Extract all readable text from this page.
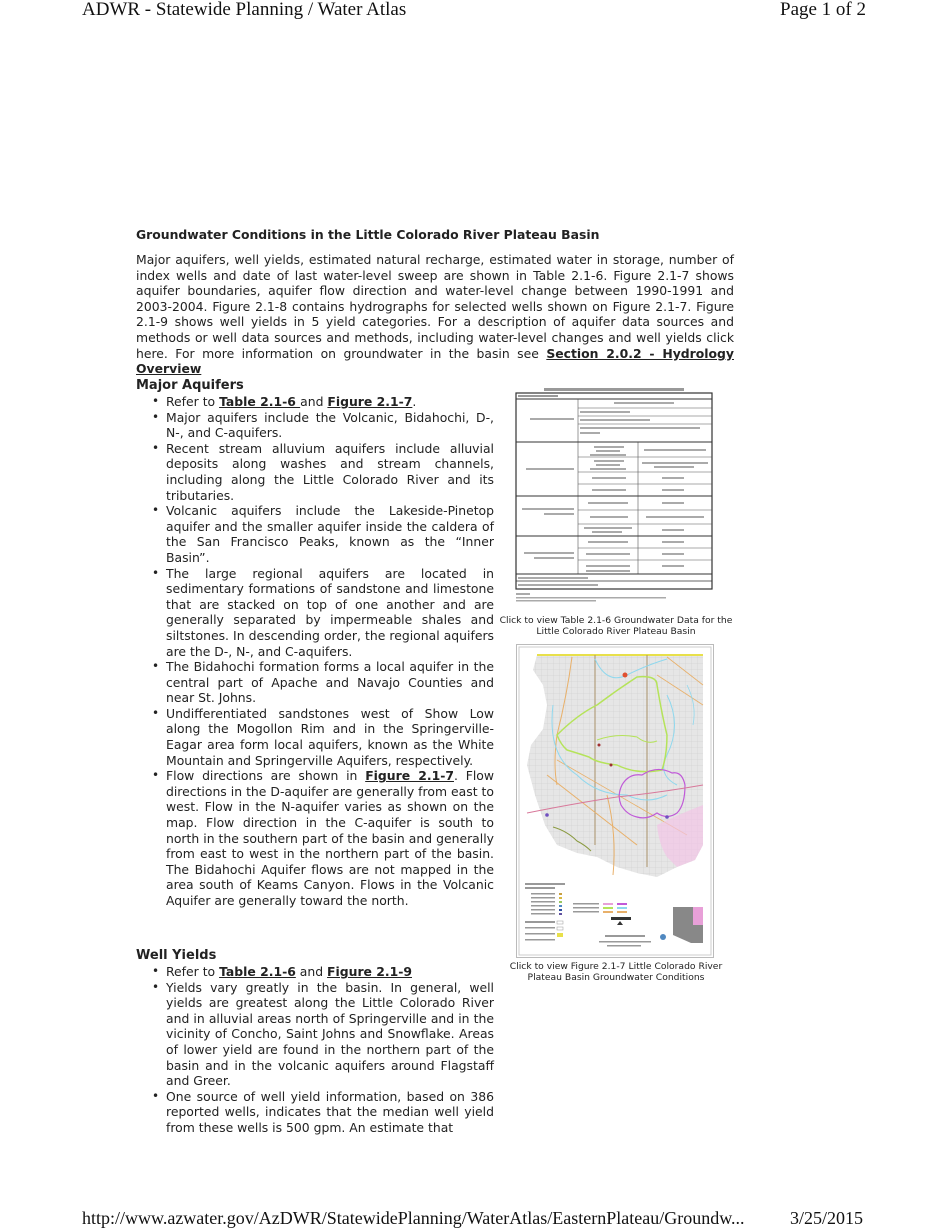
ADWR - Statewide Planning / Water Atlas	Page 1 of 2
Groundwater Conditions in the Little Colorado River Plateau Basin

Major aquifers, well yields, estimated natural recharge, estimated water in storage, number of index wells and date of last water-level sweep are shown in Table 2.1-6. Figure 2.1-7 shows aquifer boundaries, aquifer flow direction and water-level change between 1990-1991 and 2003-2004. Figure 2.1-8 contains hydrographs for selected wells shown on Figure 2.1-7. Figure 2.1-9 shows well yields in 5 yield categories. For a description of aquifer data sources and methods or well data sources and methods, including water-level changes and well yields click here. For more information on groundwater in the basin see Section 2.0.2 - Hydrology Overview

Major Aquifers
• Refer to Table 2.1-6 and Figure 2.1-7.
• Major aquifers include the Volcanic, Bidahochi, D-, N-, and C-aquifers.
• Recent stream alluvium aquifers include alluvial deposits along washes and stream channels, including along the Little Colorado River and its tributaries.
• Volcanic aquifers include the Lakeside-Pinetop aquifer and the smaller aquifer inside the caldera of the San Francisco Peaks, known as the “Inner Basin”.
• The large regional aquifers are located in sedimentary formations of sandstone and limestone that are stacked on top of one another and are generally separated by impermeable shales and siltstones. In descending order, the regional aquifers are the D-, N-, and C-aquifers.
• The Bidahochi formation forms a local aquifer in the central part of Apache and Navajo Counties and near St. Johns.
• Undifferentiated sandstones west of Show Low along the Mogollon Rim and in the Springerville-Eagar area form local aquifers, known as the White Mountain and Springerville Aquifers, respectively.
• Flow directions are shown in Figure 2.1-7. Flow directions in the D-aquifer are generally from east to west. Flow in the N-aquifer varies as shown on the map. Flow direction in the C-aquifer is south to north in the southern part of the basin and generally from east to west in the northern part of the basin. The Bidahochi Aquifer flows are not mapped in the area south of Keams Canyon. Flows in the Volcanic Aquifer are generally toward the north.
Well Yields
• Refer to Table 2.1-6 and Figure 2.1-9
• Yields vary greatly in the basin. In general, well yields are greatest along the Little Colorado River and in alluvial areas north of Springerville and in the vicinity of Concho, Saint Johns and Snowflake. Areas of lower yield are found in the northern part of the basin and in the volcanic aquifers around Flagstaff and Greer.
• One source of well yield information, based on 386 reported wells, indicates that the median well yield from these wells is 500 gpm. An estimate that
Click to view Table 2.1-6 Groundwater Data for the Little Colorado River Plateau Basin
Click to view Figure 2.1-7 Little Colorado River Plateau Basin Groundwater Conditions
http://www.azwater.gov/AzDWR/StatewidePlanning/WaterAtlas/EasternPlateau/Groundw...	3/25/2015
